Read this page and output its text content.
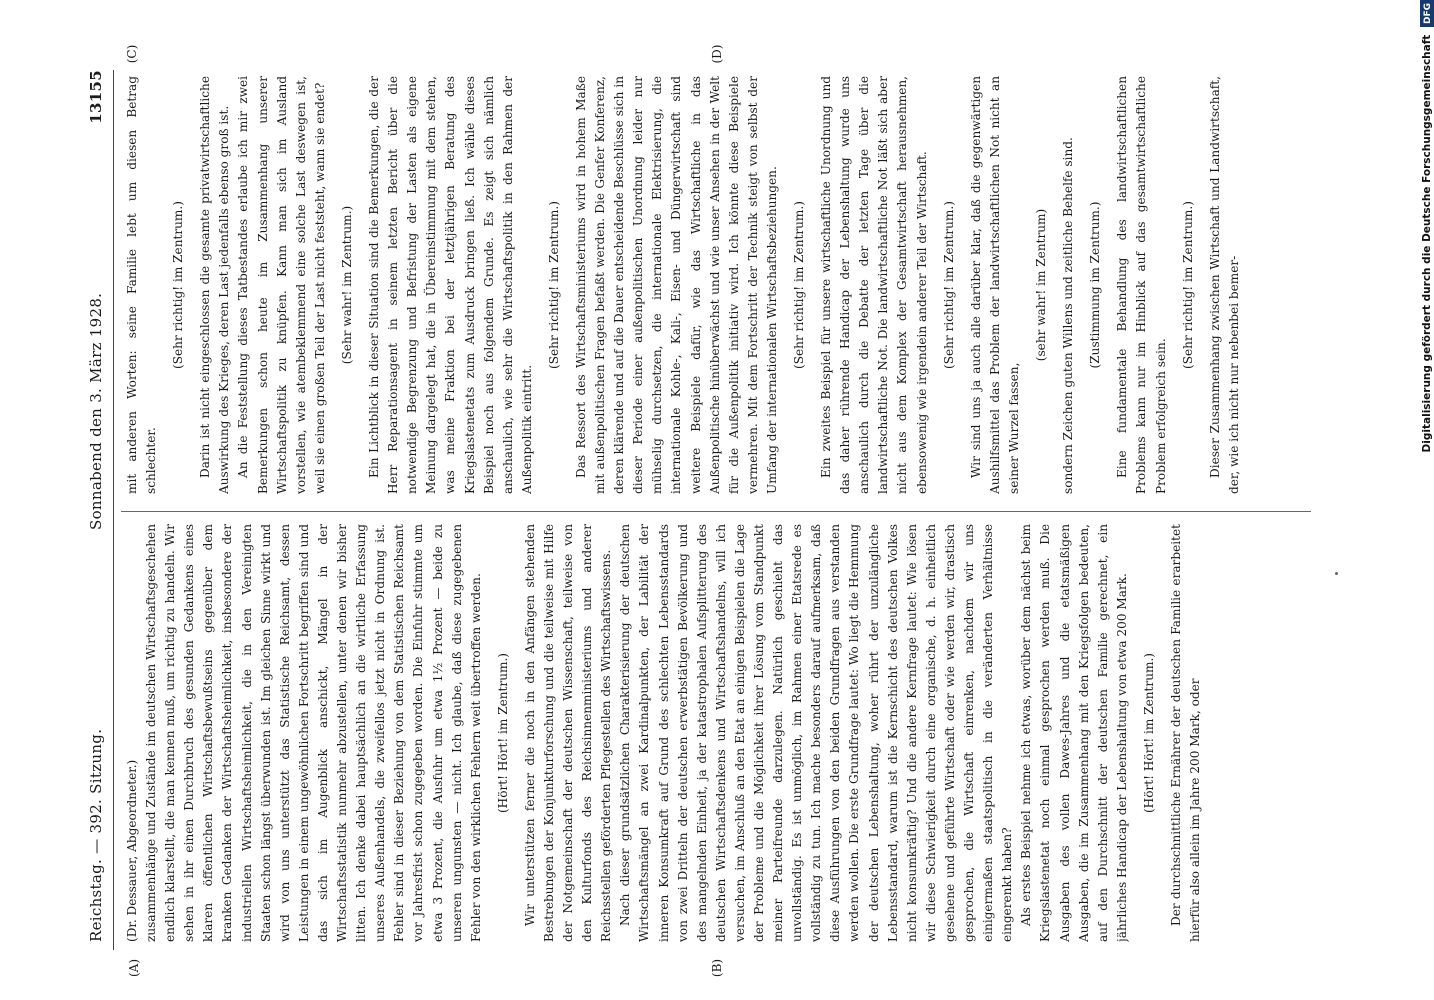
Reichstag. — 392. Sitzung.
Sonnabend den 3. März 1928.
13155
(A)	(B)
(C)	(D)

(Dr. Dessauer, Abgeordneter.) zusammenhänge und Zustände im deutschen Wirtschaftsgeschehen endlich klarstellt, die man kennen muß, um richtig zu handeln. Wir sehen in ihr einen Durchbruch des gesunden Gedankens eines klaren öffentlichen Wirtschaftsbewußtseins gegenüber dem kranken Gedanken der Wirtschaftsheimlichkeit, insbesondere der industriellen Wirtschaftsheimlichkeit, die in den Vereinigten Staaten schon längst überwunden ist. Im gleichen Sinne wirkt und wird von uns unterstützt das Statistische Reichsamt, dessen Leistungen in einem ungewöhnlichen Fortschritt begriffen sind und das sich im Augenblick anschickt, Mängel in der Wirtschaftsstatistik nunmehr abzustellen, unter denen wir bisher litten. Ich denke dabei hauptsächlich an die wirtliche Erfassung unseres Außenhandels, die zweifellos jetzt nicht in Ordnung ist. Fehler sind in dieser Beziehung von dem Statistischen Reichsamt vor Jahresfrist schon zugegeben worden. Die Einfuhr stimmte um etwa 3 Prozent, die Ausfuhr um etwa 1½ Prozent — beide zu unseren ungunsten — nicht. Ich glaube, daß diese zugegebenen Fehler von den wirklichen Fehlern weit übertroffen werden. (Hört! Hört! im Zentrum.) Wir unterstützen ferner die noch in den Anfängen stehenden Bestrebungen der Konjunkturforschung und die teilweise mit Hilfe der Notgemeinschaft der deutschen Wissenschaft, teilweise von den Kulturfonds des Reichsinnenministeriums und anderer Reichsstellen geförderten Pflegestellen des Wirtschaftswissens. Nach dieser grundsätzlichen Charakterisierung der deutschen Wirtschaftsmängel an zwei Kardinalpunkten, der Labilität der inneren Konsumkraft auf Grund des schlechten Lebensstandards von zwei Dritteln der deutschen erwerbstätigen Bevölkerung und des mangelnden Einheit, ja der katastrophalen Aufsplitterung des deutschen Wirtschaftsdenkens und Wirtschaftshandelns, will ich versuchen, im Anschluß an den Etat an einigen Beispielen die Lage der Probleme und die Möglichkeit ihrer Lösung vom Standpunkt meiner Parteifreunde darzulegen. Natürlich geschieht das unvollständig. Es ist unmöglich, im Rahmen einer Etatsrede es vollständig zu tun. Ich mache besonders darauf aufmerksam, daß diese Ausführungen von den beiden Grundfragen aus verstanden werden wollen. Die erste Grundfrage lautet: Wo liegt die Hemmung der deutschen Lebenshaltung, woher rührt der unzulängliche Lebensstandard, warum ist die Kernschicht des deutschen Volkes nicht konsumkräftig? Und die andere Kernfrage lautet: Wie lösen wir diese Schwierigkeit durch eine organische, d. h. einheitlich gesehene und geführte Wirtschaft oder wie werden wir, drastisch gesprochen, die Wirtschaft einrenken, nachdem wir uns einigermaßen staatspolitisch in die veränderten Verhältnisse eingerenkt haben? Als erstes Beispiel nehme ich etwas, worüber dem nächst beim Kriegslastenetat noch einmal gesprochen werden muß. Die Ausgaben des vollen Dawes-Jahres und die etatsmäßigen Ausgaben, die im Zusammenhang mit den Kriegsfolgen bedeuten, auf den Durchschnitt der deutschen Familie gerechnet, ein jährliches Handicap der Lebenshaltung von etwa 200 Mark. (Hört! Hört! im Zentrum.) Der durchschnittliche Ernährer der deutschen Familie erarbeitet hierfür also allein im Jahre 200 Mark, oder

mit anderen Worten: seine Familie lebt um diesen Betrag schlechter.

(Sehr richtig! im Zentrum.) Darin ist nicht eingeschlossen die gesamte privatwirtschaftliche Auswirkung des Krieges, deren Last jedenfalls ebenso groß ist. An die Feststellung dieses Tatbestandes erlaube ich mir zwei Bemerkungen schon heute im Zusammenhang unserer Wirtschaftspolitik zu knüpfen. Kann man sich im Ausland vorstellen, wie atembeklemmend eine solche Last deswegen ist, weil sie einen großen Teil der Last nicht feststeht, wann sie endet? (Sehr wahr! im Zentrum.) Ein Lichtblick in dieser Situation sind die Bemerkungen, die der Herr Reparationsagent in seinem letzten Bericht über die notwendige Begrenzung und Befristung der Lasten als eigene Meinung dargelegt hat, die in Übereinstimmung mit dem stehen, was meine Fraktion bei der letztjährigen Beratung des Kriegslastenetats zum Ausdruck bringen ließ. Ich wähle dieses Beispiel noch aus folgendem Grunde. Es zeigt sich nämlich anschaulich, wie sehr die Wirtschaftspolitik in den Rahmen der Außenpolitik eintritt.

(Sehr richtig! im Zentrum.) Das Ressort des Wirtschaftsministeriums wird in hohem Maße mit außenpolitischen Fragen befaßt werden. Die Genfer Konferenz, deren klärende und auf die Dauer entscheidende Beschlüsse sich in dieser Periode einer außenpolitischen Unordnung leider nur mühselig durchsetzen, die internationale Elektrisierung, die internationale Kohle-, Kali-, Eisen- und Düngerwirtschaft sind weitere Beispiele dafür, wie das Wirtschaftliche in das Außenpolitische hinüberwächst und wie unser Ansehen in der Welt für die Außenpolitik initiativ wird. Ich könnte diese Beispiele vermehren. Mit dem Fortschritt der Technik steigt von selbst der Umfang der internationalen Wirtschaftsbeziehungen. (Sehr richtig! im Zentrum.) Ein zweites Beispiel für unsere wirtschaftliche Unordnung und das daher rührende Handicap der Lebenshaltung wurde uns anschaulich durch die Debatte der letzten Tage über die landwirtschaftliche Not. Die landwirtschaftliche Not läßt sich aber nicht aus dem Komplex der Gesamtwirtschaft herausnehmen, ebensowenig wie irgendein anderer Teil der Wirtschaft. (Sehr richtig! im Zentrum.) Wir sind uns ja auch alle darüber klar, daß die gegenwärtigen Aushilfsmittel das Problem der landwirtschaftlichen Not nicht an seiner Wurzel fassen,

(sehr wahr! im Zentrum) sondern Zeichen guten Willens und zeitliche Behelfe sind. (Zustimmung im Zentrum.) Eine fundamentale Behandlung des landwirtschaftlichen Problems kann nur im Hinblick auf das gesamtwirtschaftliche Problem erfolgreich sein.

(Sehr richtig! im Zentrum.) Dieser Zusammenhang zwischen Wirtschaft und Landwirtschaft, der, wie ich nicht nur nebenbei bemer-	Digitalisierung gefördert durch die Deutsche Forschungsgemeinschaft DFG
